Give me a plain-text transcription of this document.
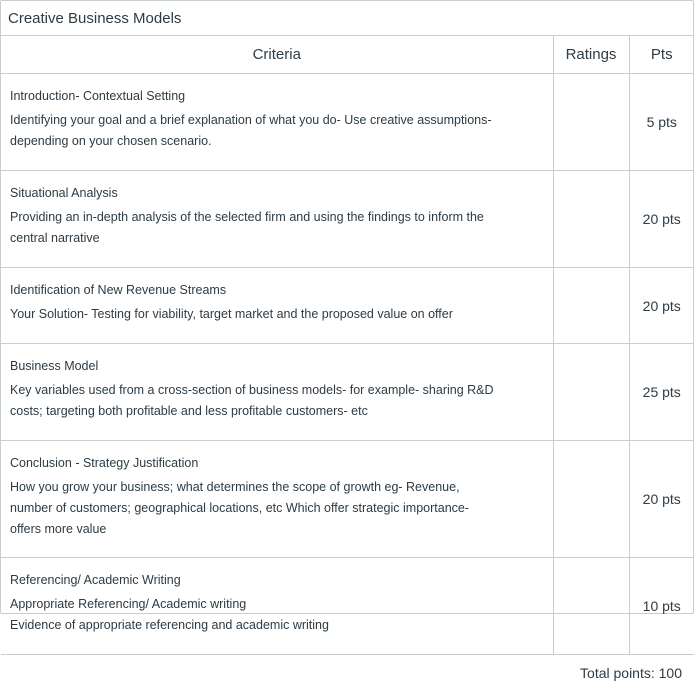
Creative Business Models
Criteria	Ratings	Pts

Introduction- Contextual Setting
Identifying your goal and a brief explanation of what you do- Use creative assumptions-
depending on your chosen scenario.		5 pts

Situational Analysis
Providing an in-depth analysis of the selected firm and using the findings to inform the
central narrative		20 pts

Identification of New Revenue Streams
Your Solution- Testing for viability, target market and the proposed value on offer		20 pts

Business Model
Key variables used from a cross-section of business models- for example- sharing R&D
costs; targeting both profitable and less profitable customers- etc		25 pts

Conclusion - Strategy Justification
How you grow your business; what determines the scope of growth eg- Revenue,
number of customers; geographical locations, etc Which offer strategic importance-
offers more value		20 pts

Referencing/ Academic Writing
Appropriate Referencing/ Academic writing
Evidence of appropriate referencing and academic writing		10 pts
Total points: 100
